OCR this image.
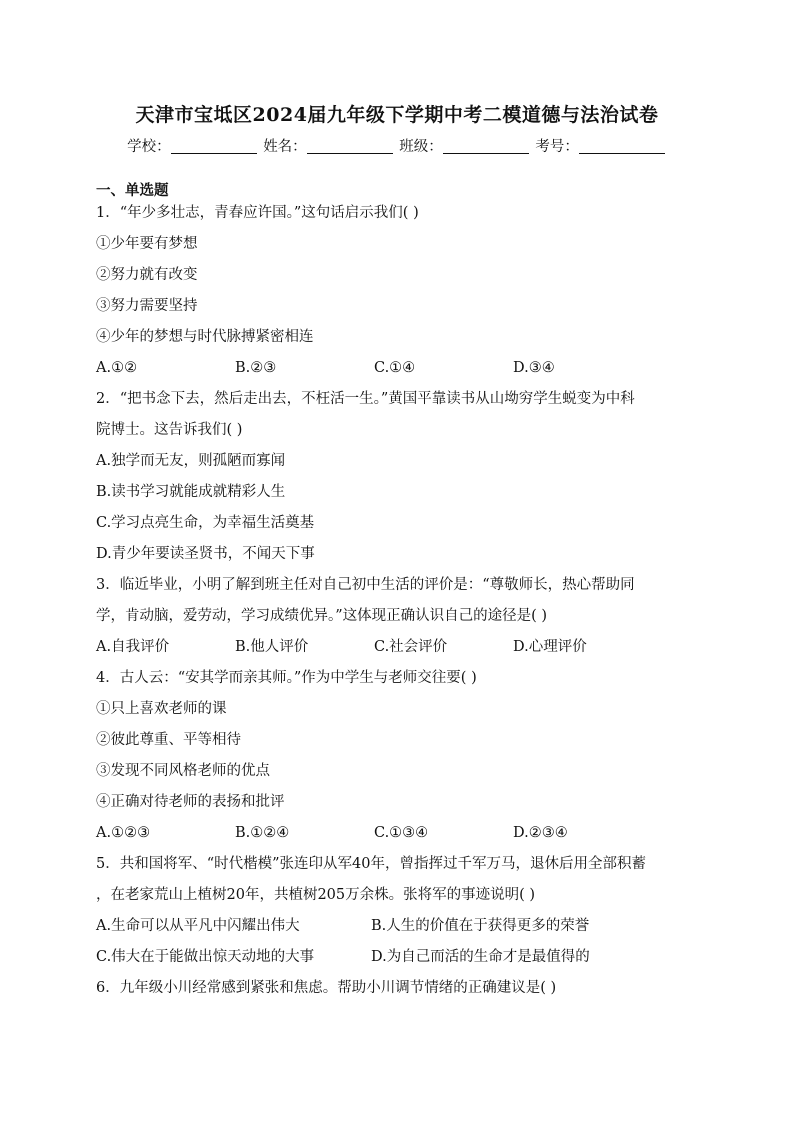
天津市宝坻区2024届九年级下学期中考二模道德与法治试卷
学校：	姓名：	班级：	考号：
一、单选题
1．“年少多壮志，青春应许国。”这句话启示我们( )
①少年要有梦想
②努力就有改变
③努力需要坚持
④少年的梦想与时代脉搏紧密相连
A.①②	B.②③	C.①④	D.③④
2．“把书念下去，然后走出去，不枉活一生。”黄国平靠读书从山坳穷学生蜕变为中科
院博士。这告诉我们( )
A.独学而无友，则孤陋而寡闻
B.读书学习就能成就精彩人生
C.学习点亮生命，为幸福生活奠基
D.青少年要读圣贤书，不闻天下事
3．临近毕业，小明了解到班主任对自己初中生活的评价是：“尊敬师长，热心帮助同
学，肯动脑，爱劳动，学习成绩优异。”这体现正确认识自己的途径是( )
A.自我评价	B.他人评价	C.社会评价	D.心理评价
4．古人云：“安其学而亲其师。”作为中学生与老师交往要( )
①只上喜欢老师的课
②彼此尊重、平等相待
③发现不同风格老师的优点
④正确对待老师的表扬和批评
A.①②③	B.①②④	C.①③④	D.②③④
5．共和国将军、“时代楷模”张连印从军40年，曾指挥过千军万马，退休后用全部积蓄
，在老家荒山上植树20年，共植树205万余株。张将军的事迹说明( )
A.生命可以从平凡中闪耀出伟大	B.人生的价值在于获得更多的荣誉
C.伟大在于能做出惊天动地的大事	D.为自己而活的生命才是最值得的
6．九年级小川经常感到紧张和焦虑。帮助小川调节情绪的正确建议是( )
